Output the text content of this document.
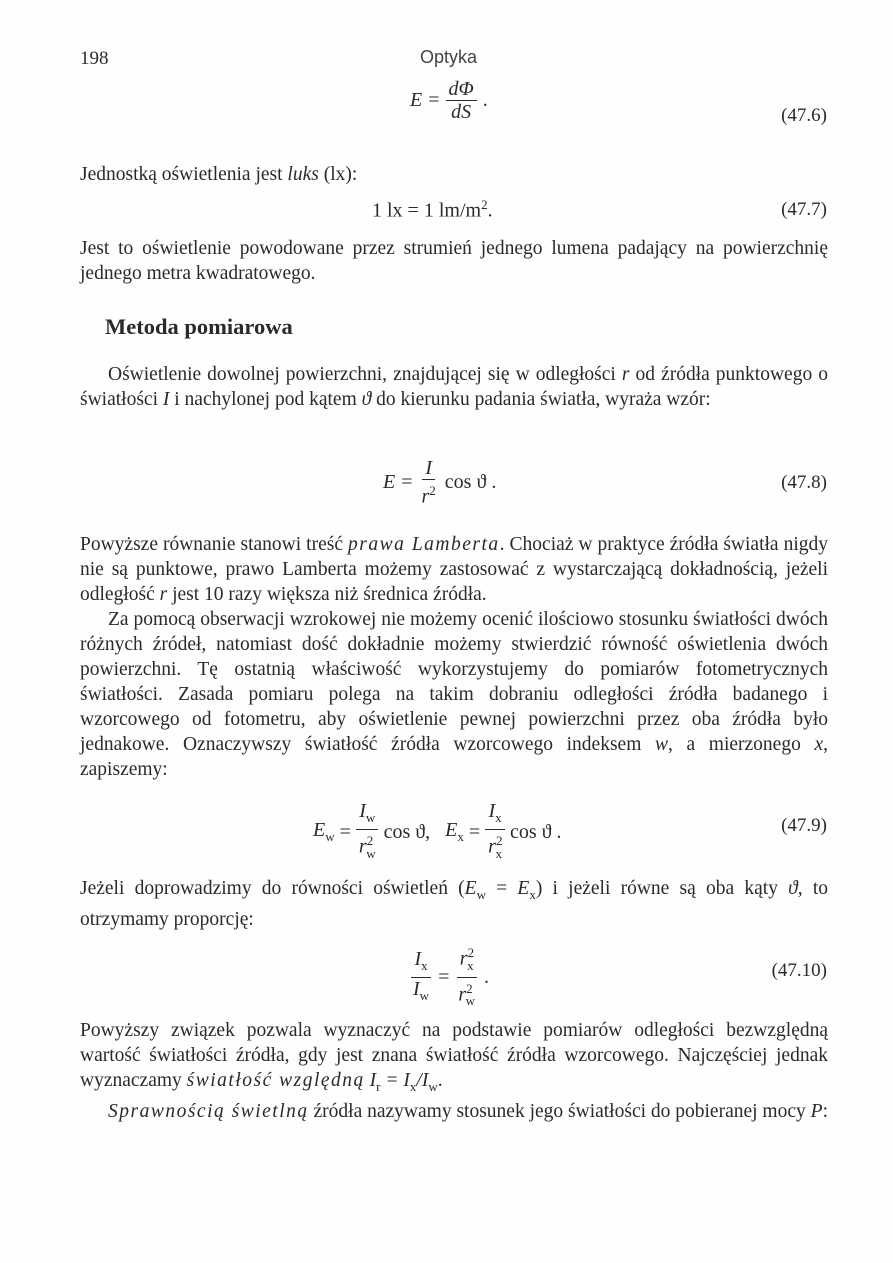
198	Optyka
$E = \frac{d\Phi}{dS}$ .
(47.6)
Jednostką oświetlenia jest luks (lx):
1 lx = 1 $lm/m^2$.	(47.7)

Jest to oświetlenie powodowane przez strumień jednego lumena padający na powierzchnię jednego metra kwadratowego.

Metoda pomiarowa

Oświetlenie dowolnej powierzchni, znajdującej się w odległości r od źródła punktowego o światłości I i nachylonej pod kątem ϑ do kierunku padania światła, wyraża wzór:

$E = \frac{I}{r^2}$ cos ϑ .	(47.8)

Powyższe równanie stanowi treść prawa Lamberta. Chociaż w praktyce źródła światła nigdy nie są punktowe, prawo Lamberta możemy zastosować z wystarczającą dokładnością, jeżeli odległość r jest 10 razy większa niż średnica źródła.

Za pomocą obserwacji wzrokowej nie możemy ocenić ilościowo stosunku światłości dwóch różnych źródeł, natomiast dość dokładnie możemy stwierdzić równość oświetlenia dwóch powierzchni. Tę ostatnią właściwość wykorzystujemy do pomiarów fotometrycznych światłości. Zasada pomiaru polega na takim dobraniu odległości źródła badanego i wzorcowego od fotometru, aby oświetlenie pewnej powierzchni przez oba źródła było jednakowe. Oznaczywszy światłość źródła wzorcowego indeksem w, a mierzonego x, zapiszemy:

$E_w = \frac{I_w}{r^2_w}$ cos ϑ, $E_x = \frac{I_x}{r^2_x}$ cos ϑ .	(47.9)

Jeżeli doprowadzimy do równości oświetleń $(E_w = E_x)$ i jeżeli równe są oba kąty ϑ, to otrzymamy proporcję:

$\frac{I_x}{I_w} = \frac{r^2_x}{r^2_w}$ .	(47.10)

Powyższy związek pozwala wyznaczyć na podstawie pomiarów odległości bezwzględną wartość światłości źródła, gdy jest znana światłość źródła wzorcowego. Najczęściej jednak wyznaczamy światłość względną $I_r = I_x/I_w$.

Sprawnością świetlną źródła nazywamy stosunek jego światłości do pobieranej mocy P:
